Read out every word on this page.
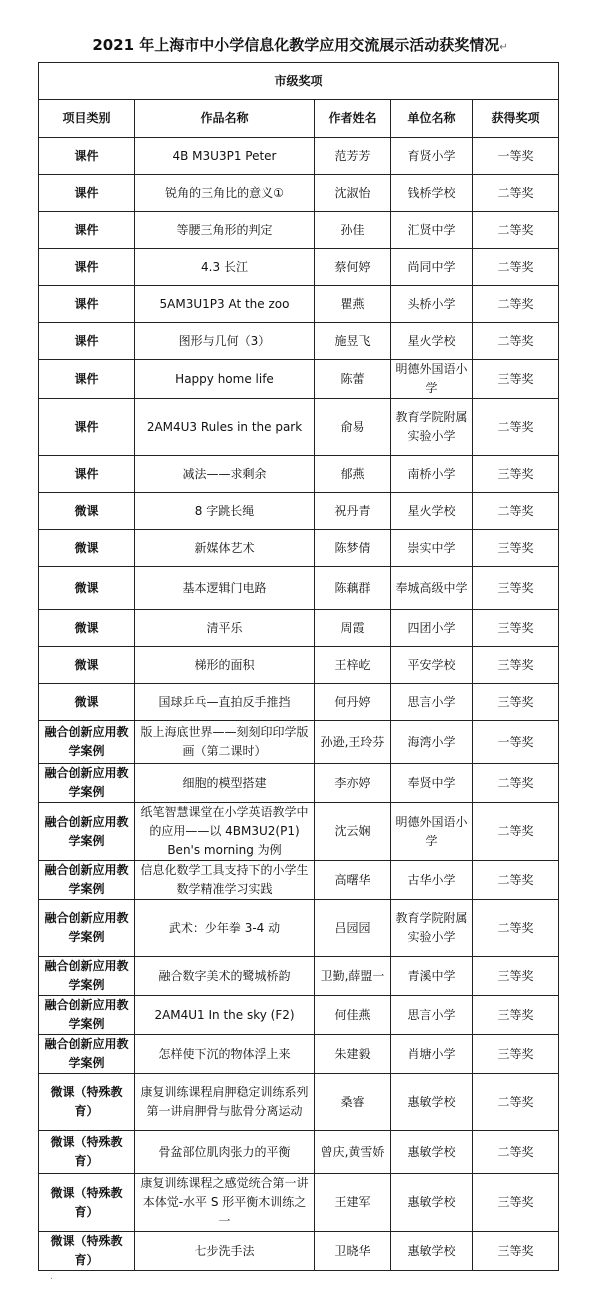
2021 年上海市中小学信息化教学应用交流展示活动获奖情况↵
市级奖项				
项目类别	作品名称	作者姓名	单位名称	获得奖项
课件	4B M3U3P1 Peter	范芳芳	育贤小学	一等奖
课件	锐角的三角比的意义①	沈淑怡	钱桥学校	二等奖
课件	等腰三角形的判定	孙佳	汇贤中学	二等奖
课件	4.3 长江	蔡何婷	尚同中学	二等奖
课件	5AM3U1P3 At the zoo	瞿燕	头桥小学	二等奖
课件	图形与几何（3）	施昱飞	星火学校	二等奖
课件	Happy home life	陈蕾	明德外国语小学	三等奖
课件	2AM4U3 Rules in the park	俞易	教育学院附属实验小学	二等奖
课件	减法——求剩余	郁燕	南桥小学	三等奖
微课	8 字跳长绳	祝丹青	星火学校	二等奖
微课	新媒体艺术	陈梦倩	崇实中学	三等奖
微课	基本逻辑门电路	陈藕群	奉城高级中学	三等奖
微课	清平乐	周霞	四团小学	三等奖
微课	梯形的面积	王梓屹	平安学校	三等奖
微课	国球乒乓—直拍反手推挡	何丹婷	思言小学	三等奖
融合创新应用教学案例	版上海底世界——刻刻印印学版画（第二课时）	孙逊,王玲芬	海湾小学	一等奖
融合创新应用教学案例	细胞的模型搭建	李亦婷	奉贤中学	二等奖
融合创新应用教学案例	纸笔智慧课堂在小学英语教学中的应用——以 4BM3U2(P1) Ben's morning 为例	沈云娴	明德外国语小学	二等奖
融合创新应用教学案例	信息化数学工具支持下的小学生数学精准学习实践	高曙华	古华小学	二等奖
融合创新应用教学案例	武术：少年拳 3-4 动	吕园园	教育学院附属实验小学	二等奖
融合创新应用教学案例	融合数字美术的鹭城桥韵	卫勤,薛盟一	青溪中学	三等奖
融合创新应用教学案例	2AM4U1 In the sky (F2)	何佳燕	思言小学	三等奖
融合创新应用教学案例	怎样使下沉的物体浮上来	朱建毅	肖塘小学	三等奖
微课（特殊教育）	康复训练课程肩胛稳定训练系列第一讲肩胛骨与肱骨分离运动	桑睿	惠敏学校	二等奖
微课（特殊教育）	骨盆部位肌肉张力的平衡	曾庆,黄雪娇	惠敏学校	二等奖
微课（特殊教育）	康复训练课程之感觉统合第一讲本体觉-水平 S 形平衡木训练之一	王建军	惠敏学校	三等奖
微课（特殊教育）	七步洗手法	卫晓华	惠敏学校	三等奖
.
